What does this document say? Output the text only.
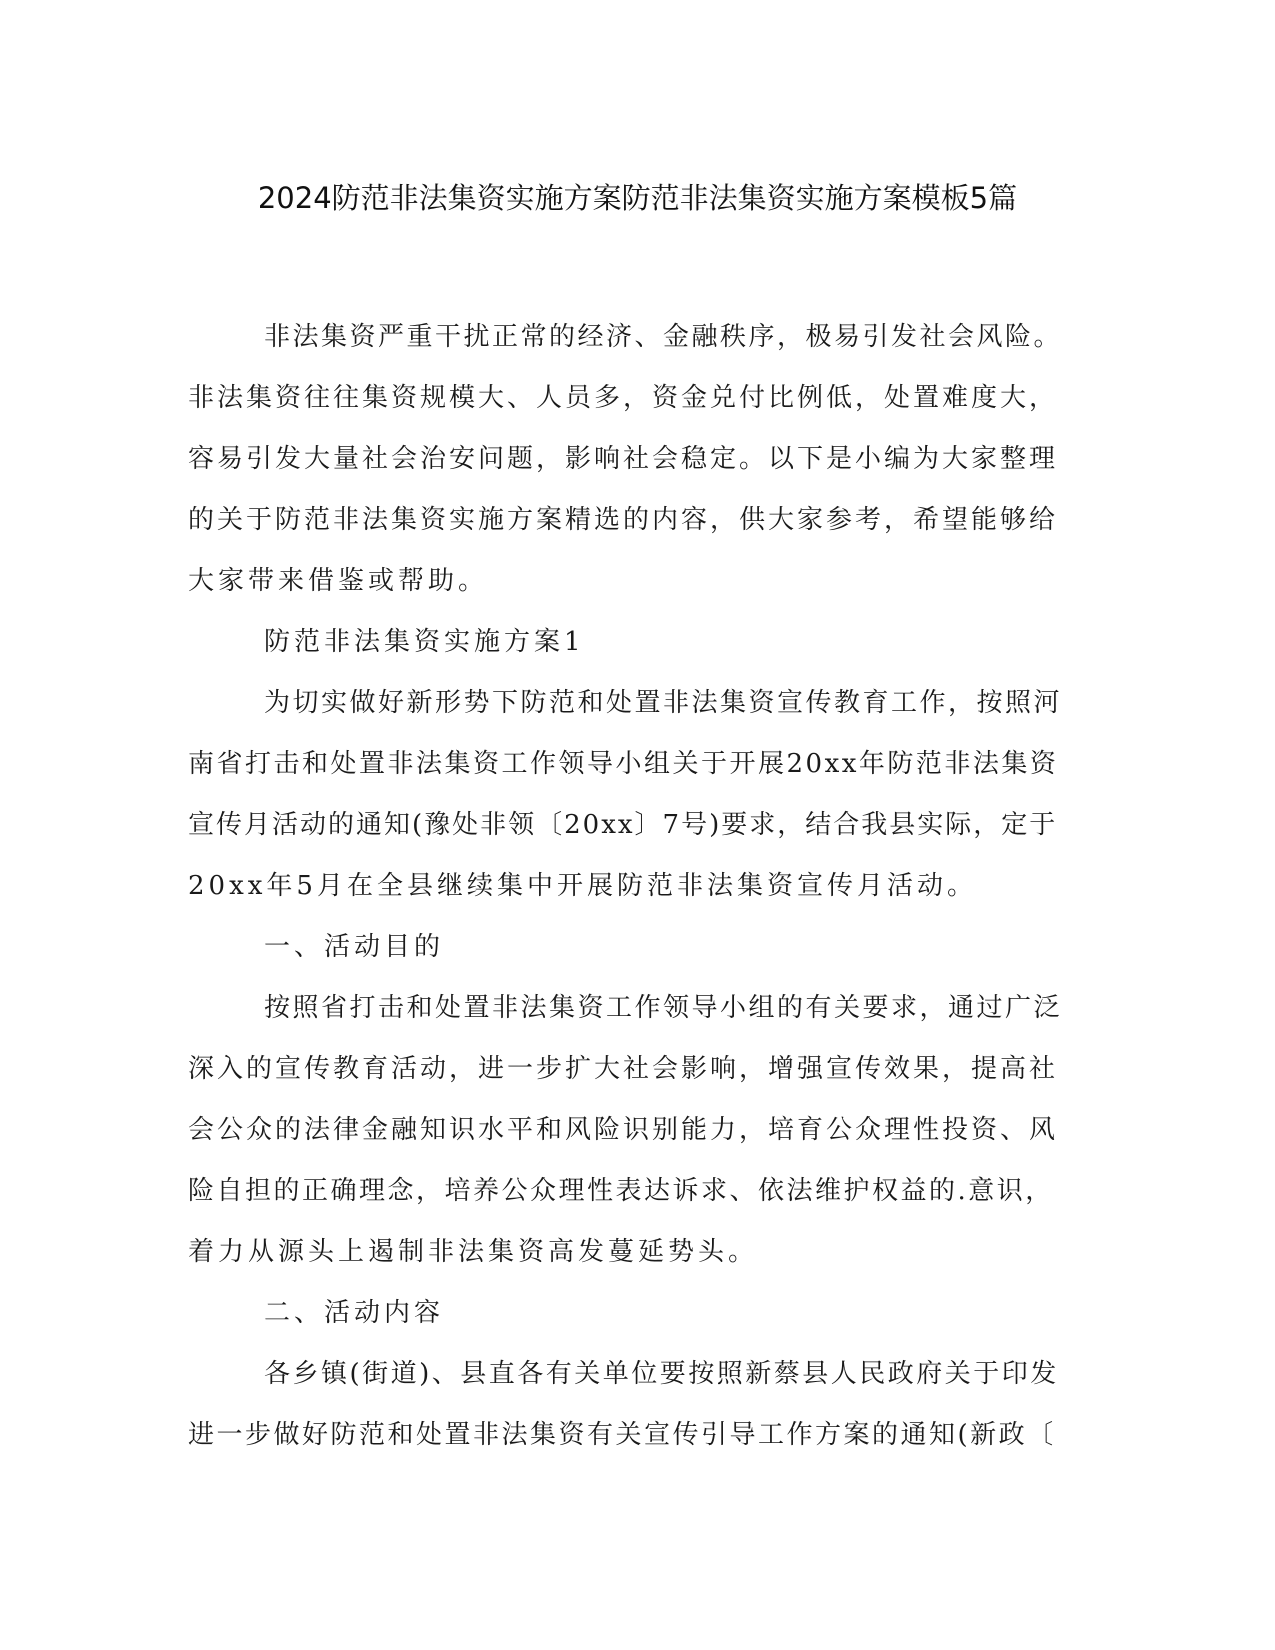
2024防范非法集资实施方案防范非法集资实施方案模板5篇
非法集资严重干扰正常的经济、金融秩序，极易引发社会风险。
非法集资往往集资规模大、人员多，资金兑付比例低，处置难度大，
容易引发大量社会治安问题，影响社会稳定。以下是小编为大家整理
的关于防范非法集资实施方案精选的内容，供大家参考，希望能够给
大家带来借鉴或帮助。
防范非法集资实施方案1
为切实做好新形势下防范和处置非法集资宣传教育工作，按照河
南省打击和处置非法集资工作领导小组关于开展20xx年防范非法集资
宣传月活动的通知(豫处非领〔20xx〕7号)要求，结合我县实际，定于
20xx年5月在全县继续集中开展防范非法集资宣传月活动。
一、活动目的
按照省打击和处置非法集资工作领导小组的有关要求，通过广泛
深入的宣传教育活动，进一步扩大社会影响，增强宣传效果，提高社
会公众的法律金融知识水平和风险识别能力，培育公众理性投资、风
险自担的正确理念，培养公众理性表达诉求、依法维护权益的.意识，
着力从源头上遏制非法集资高发蔓延势头。
二、活动内容
各乡镇(街道)、县直各有关单位要按照新蔡县人民政府关于印发
进一步做好防范和处置非法集资有关宣传引导工作方案的通知(新政〔
